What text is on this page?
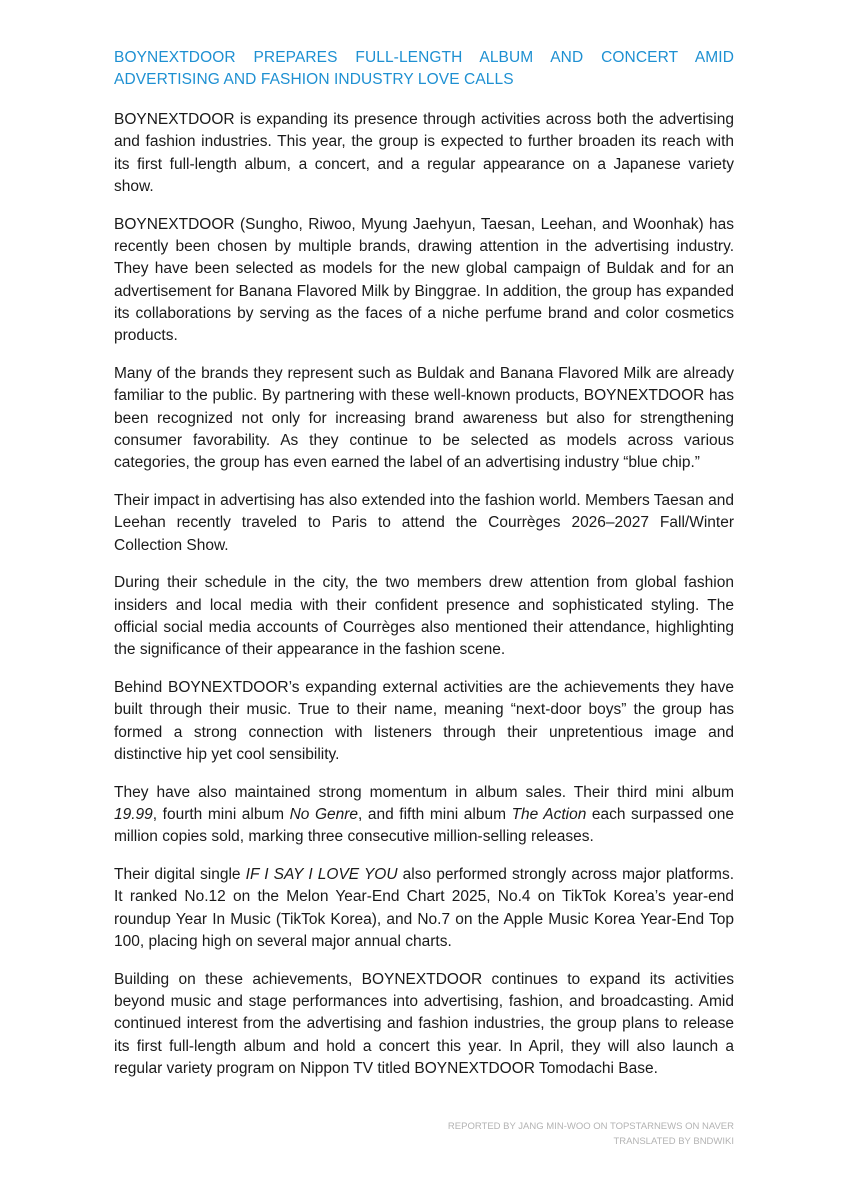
BOYNEXTDOOR PREPARES FULL-LENGTH ALBUM AND CONCERT AMID ADVERTISING AND FASHION INDUSTRY LOVE CALLS

BOYNEXTDOOR is expanding its presence through activities across both the advertising and fashion industries. This year, the group is expected to further broaden its reach with its first full-length album, a concert, and a regular appearance on a Japanese variety show.

BOYNEXTDOOR (Sungho, Riwoo, Myung Jaehyun, Taesan, Leehan, and Woonhak) has recently been chosen by multiple brands, drawing attention in the advertising industry. They have been selected as models for the new global campaign of Buldak and for an advertisement for Banana Flavored Milk by Binggrae. In addition, the group has expanded its collaborations by serving as the faces of a niche perfume brand and color cosmetics products.

Many of the brands they represent such as Buldak and Banana Flavored Milk are already familiar to the public. By partnering with these well-known products, BOYNEXTDOOR has been recognized not only for increasing brand awareness but also for strengthening consumer favorability. As they continue to be selected as models across various categories, the group has even earned the label of an advertising industry “blue chip.”

Their impact in advertising has also extended into the fashion world. Members Taesan and Leehan recently traveled to Paris to attend the Courrèges 2026–2027 Fall/Winter Collection Show.

During their schedule in the city, the two members drew attention from global fashion insiders and local media with their confident presence and sophisticated styling. The official social media accounts of Courrèges also mentioned their attendance, highlighting the significance of their appearance in the fashion scene.

Behind BOYNEXTDOOR’s expanding external activities are the achievements they have built through their music. True to their name, meaning “next-door boys” the group has formed a strong connection with listeners through their unpretentious image and distinctive hip yet cool sensibility.

They have also maintained strong momentum in album sales. Their third mini album 19.99, fourth mini album No Genre, and fifth mini album The Action each surpassed one million copies sold, marking three consecutive million-selling releases.

Their digital single IF I SAY I LOVE YOU also performed strongly across major platforms. It ranked No.12 on the Melon Year-End Chart 2025, No.4 on TikTok Korea’s year-end roundup Year In Music (TikTok Korea), and No.7 on the Apple Music Korea Year-End Top 100, placing high on several major annual charts.

Building on these achievements, BOYNEXTDOOR continues to expand its activities beyond music and stage performances into advertising, fashion, and broadcasting. Amid continued interest from the advertising and fashion industries, the group plans to release its first full-length album and hold a concert this year. In April, they will also launch a regular variety program on Nippon TV titled BOYNEXTDOOR Tomodachi Base.

REPORTED BY JANG MIN-WOO ON TOPSTARNEWS ON NAVER
TRANSLATED BY BNDWIKI
